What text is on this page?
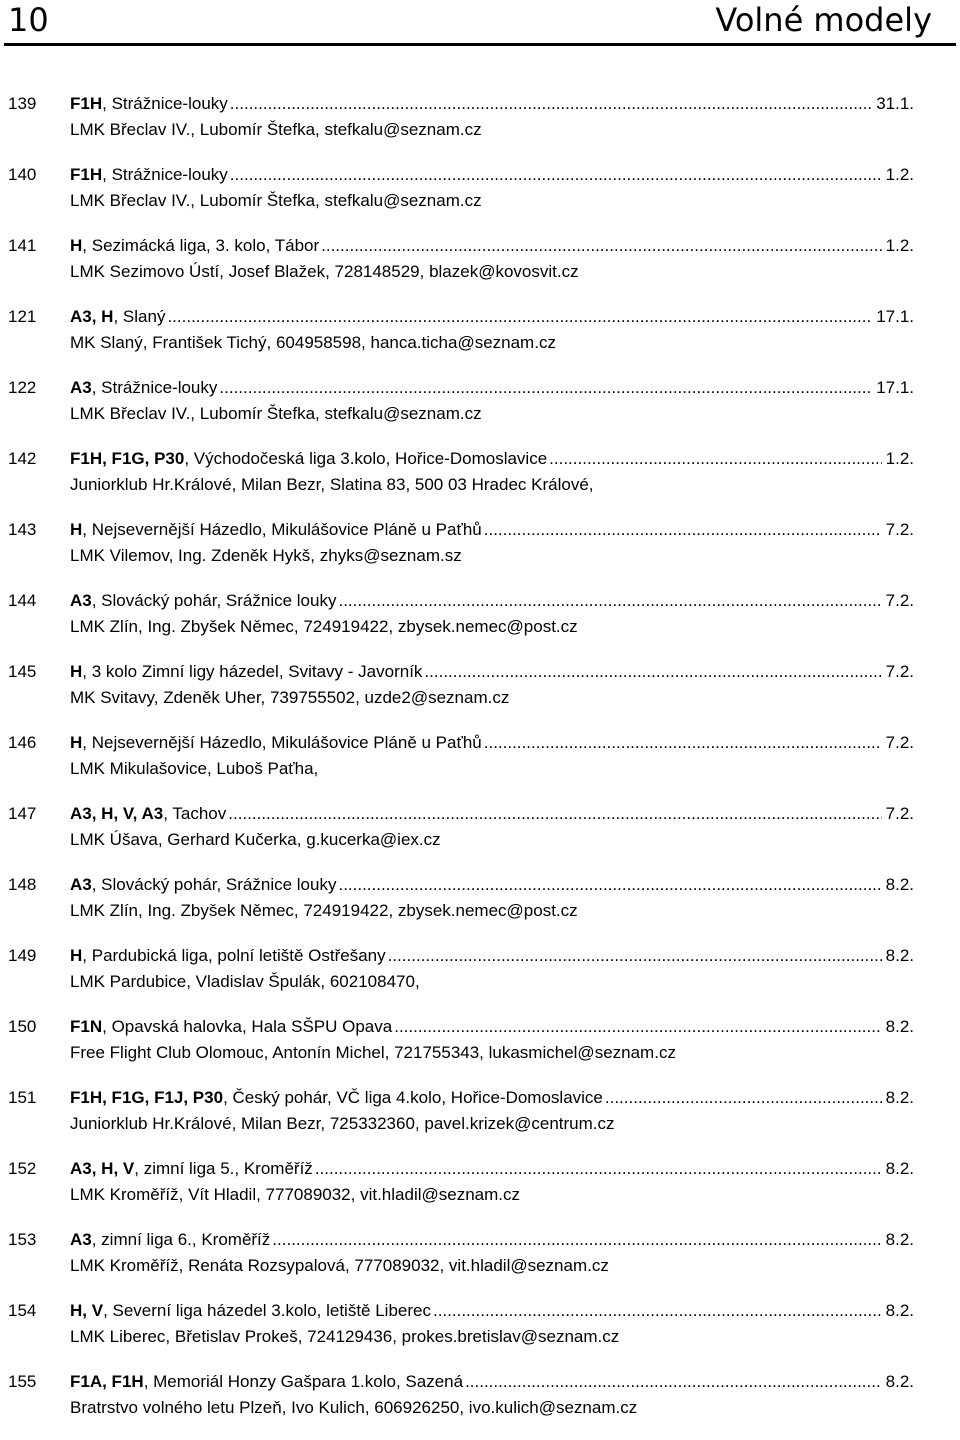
10	Volné modely
139	F1H, Strážnice-louky .....	31.1.
LMK Břeclav IV., Lubomír Štefka, stefkalu@seznam.cz
140	F1H, Strážnice-louky .....	1.2.
LMK Břeclav IV., Lubomír Štefka, stefkalu@seznam.cz
141	H, Sezimácká liga, 3. kolo, Tábor .....	1.2.
LMK Sezimovo Ústí, Josef Blažek, 728148529, blazek@kovosvit.cz
121	A3, H, Slaný .....	17.1.
MK Slaný, František Tichý, 604958598, hanca.ticha@seznam.cz
122	A3, Strážnice-louky .....	17.1.
LMK Břeclav IV., Lubomír Štefka, stefkalu@seznam.cz
142	F1H, F1G, P30, Východočeská liga 3.kolo, Hořice-Domoslavice .....	1.2.
Juniorklub Hr.Králové, Milan Bezr, Slatina 83, 500 03 Hradec Králové,
143	H, Nejsevernější Házedlo, Mikulášovice Pláně u Paťhů .....	7.2.
LMK Vilemov, Ing. Zdeněk Hykš, zhyks@seznam.sz
144	A3, Slovácký pohár, Srážnice louky .....	7.2.
LMK Zlín, Ing. Zbyšek Němec, 724919422, zbysek.nemec@post.cz
145	H, 3 kolo Zimní ligy házedel, Svitavy - Javorník .....	7.2.
MK Svitavy, Zdeněk Uher, 739755502, uzde2@seznam.cz
146	H, Nejsevernější Házedlo, Mikulášovice Pláně u Paťhů .....	7.2.
LMK Mikulašovice, Luboš Paťha,
147	A3, H, V, A3, Tachov .....	7.2.
LMK Úšava, Gerhard Kučerka, g.kucerka@iex.cz
148	A3, Slovácký pohár, Srážnice louky .....	8.2.
LMK Zlín, Ing. Zbyšek Němec, 724919422, zbysek.nemec@post.cz
149	H, Pardubická liga, polní letiště Ostřešany .....	8.2.
LMK Pardubice, Vladislav Špulák, 602108470,
150	F1N, Opavská halovka, Hala SŠPU Opava .....	8.2.
Free Flight Club Olomouc, Antonín Michel, 721755343, lukasmichel@seznam.cz
151	F1H, F1G, F1J, P30, Český pohár, VČ liga 4.kolo, Hořice-Domoslavice .....	8.2.
Juniorklub Hr.Králové, Milan Bezr, 725332360, pavel.krizek@centrum.cz
152	A3, H, V, zimní liga 5., Kroměříž .....	8.2.
LMK Kroměříž, Vít Hladil, 777089032, vit.hladil@seznam.cz
153	A3, zimní liga 6., Kroměříž .....	8.2.
LMK Kroměříž, Renáta Rozsypalová, 777089032, vit.hladil@seznam.cz
154	H, V, Severní liga házedel 3.kolo, letiště Liberec .....	8.2.
LMK Liberec, Břetislav Prokeš, 724129436, prokes.bretislav@seznam.cz
155	F1A, F1H, Memoriál Honzy Gašpara 1.kolo, Sazená .....	8.2.
Bratrstvo volného letu Plzeň, Ivo Kulich, 606926250, ivo.kulich@seznam.cz
